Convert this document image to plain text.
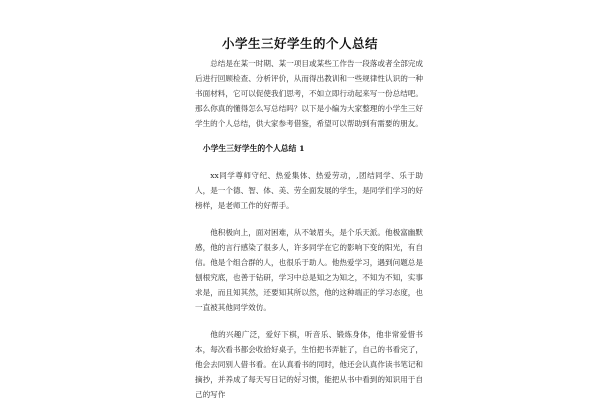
小学生三好学生的个人总结

总结是在某一时期、某一项目或某些工作告一段落或者全部完成后进行回顾检查、分析评价，从而得出教训和一些规律性认识的一种书面材料，它可以促使我们思考，不如立即行动起来写一份总结吧。那么你真的懂得怎么写总结吗？以下是小编为大家整理的小学生三好学生的个人总结，供大家参考借鉴，希望可以帮助到有需要的朋友。

小学生三好学生的个人总结 1

xx同学尊师守纪、热爱集体、热爱劳动，,团结同学、乐于助人，是一个德、智、体、美、劳全面发展的学生，是同学们学习的好榜样，是老师工作的好帮手。

他积极向上，面对困难，从不皱眉头，是个乐天派。他极富幽默感，他的言行感染了很多人，许多同学在它的影响下变的阳光，有自信。他是个组合群的人，也很乐于助人。他热爱学习，遇到问题总是刨根究底，也善于钻研，学习中总是知之为知之，不知为不知，实事求是，而且知其然，还要知其所以然，他的这种端正的学习态度，也一直被其他同学效仿。

他的兴趣广泛，爱好下棋，听音乐、锻炼身体，他非常爱惜书本，每次看书都会收拾好桌子，生怕把书弄脏了，自己的书看完了，他会去同别人借书看。在认真看书的同时，他还会认真作读书笔记和摘抄，并养成了每天写日记的好习惯，能把从书中看到的知识用于自己的写作

1
